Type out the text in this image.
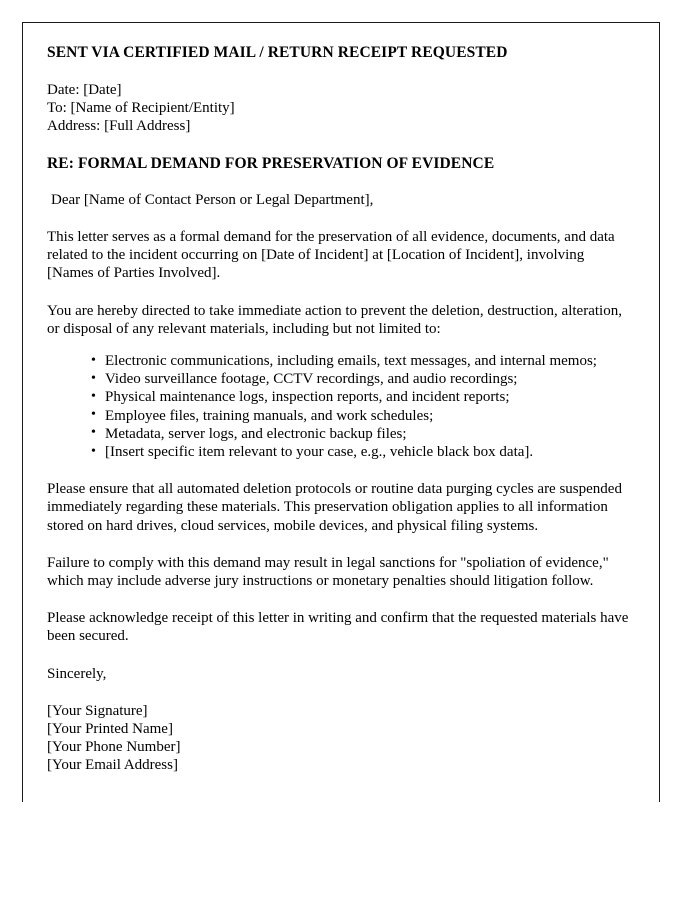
SENT VIA CERTIFIED MAIL / RETURN RECEIPT REQUESTED
Date: [Date]
To: [Name of Recipient/Entity]
Address: [Full Address]
RE: FORMAL DEMAND FOR PRESERVATION OF EVIDENCE
Dear [Name of Contact Person or Legal Department],

This letter serves as a formal demand for the preservation of all evidence, documents, and data related to the incident occurring on [Date of Incident] at [Location of Incident], involving [Names of Parties Involved].

You are hereby directed to take immediate action to prevent the deletion, destruction, alteration, or disposal of any relevant materials, including but not limited to:

• Electronic communications, including emails, text messages, and internal memos;
• Video surveillance footage, CCTV recordings, and audio recordings;
• Physical maintenance logs, inspection reports, and incident reports;
• Employee files, training manuals, and work schedules;
• Metadata, server logs, and electronic backup files;
• [Insert specific item relevant to your case, e.g., vehicle black box data].

Please ensure that all automated deletion protocols or routine data purging cycles are suspended immediately regarding these materials. This preservation obligation applies to all information stored on hard drives, cloud services, mobile devices, and physical filing systems.

Failure to comply with this demand may result in legal sanctions for "spoliation of evidence," which may include adverse jury instructions or monetary penalties should litigation follow.

Please acknowledge receipt of this letter in writing and confirm that the requested materials have been secured.

Sincerely,
[Your Signature]
[Your Printed Name]
[Your Phone Number]
[Your Email Address]
